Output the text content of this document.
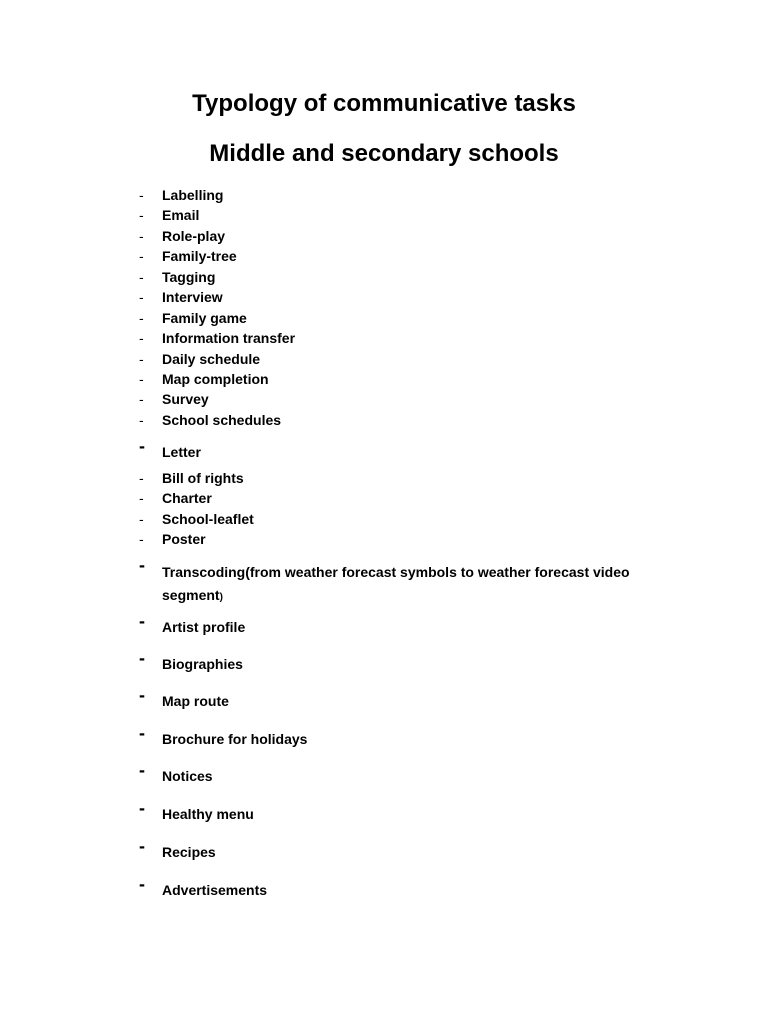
Typology of communicative tasks
Middle and secondary schools
- Labelling
- Email
- Role-play
- Family-tree
- Tagging
- Interview
- Family game
- Information transfer
- Daily schedule
- Map completion
- Survey
- School schedules
- Letter
- Bill of rights
- Charter
- School-leaflet
- Poster
- Transcoding(from weather forecast symbols to weather forecast video segment)
- Artist profile
- Biographies
- Map route
- Brochure for holidays
- Notices
- Healthy menu
- Recipes
- Advertisements
